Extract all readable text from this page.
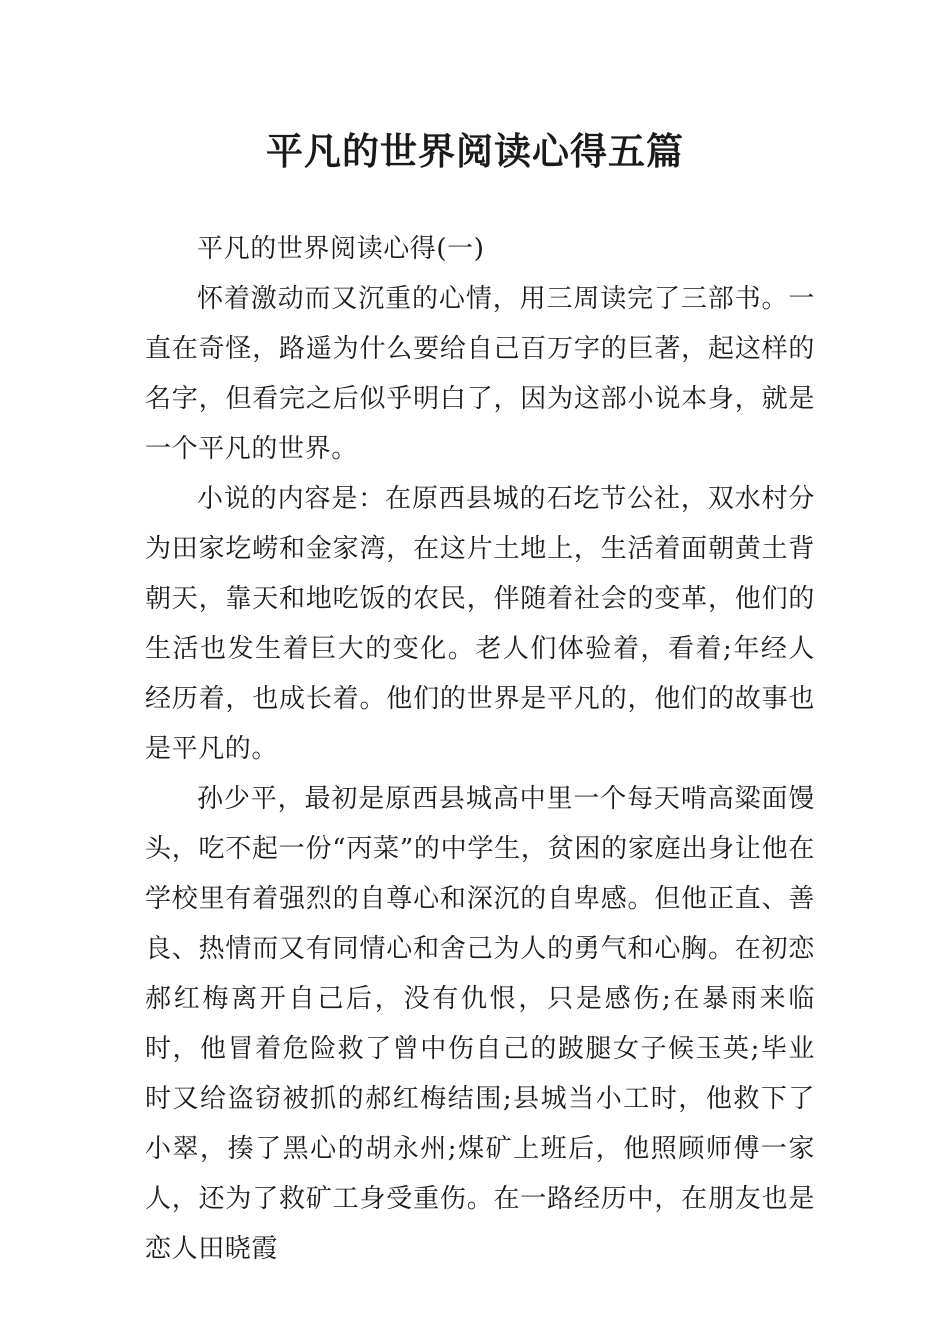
平凡的世界阅读心得五篇

平凡的世界阅读心得(一)

怀着激动而又沉重的心情，用三周读完了三部书。一直在奇怪，路遥为什么要给自己百万字的巨著，起这样的名字，但看完之后似乎明白了，因为这部小说本身，就是一个平凡的世界。

小说的内容是：在原西县城的石圪节公社，双水村分为田家圪崂和金家湾，在这片土地上，生活着面朝黄土背朝天，靠天和地吃饭的农民，伴随着社会的变革，他们的生活也发生着巨大的变化。老人们体验着，看着;年经人经历着，也成长着。他们的世界是平凡的，他们的故事也是平凡的。

孙少平，最初是原西县城高中里一个每天啃高粱面馒头，吃不起一份“丙菜”的中学生，贫困的家庭出身让他在学校里有着强烈的自尊心和深沉的自卑感。但他正直、善良、热情而又有同情心和舍己为人的勇气和心胸。在初恋郝红梅离开自己后，没有仇恨，只是感伤;在暴雨来临时，他冒着危险救了曾中伤自己的跛腿女子候玉英;毕业时又给盗窃被抓的郝红梅结围;县城当小工时，他救下了小翠，揍了黑心的胡永州;煤矿上班后，他照顾师傅一家人，还为了救矿工身受重伤。在一路经历中，在朋友也是恋人田晓霞
